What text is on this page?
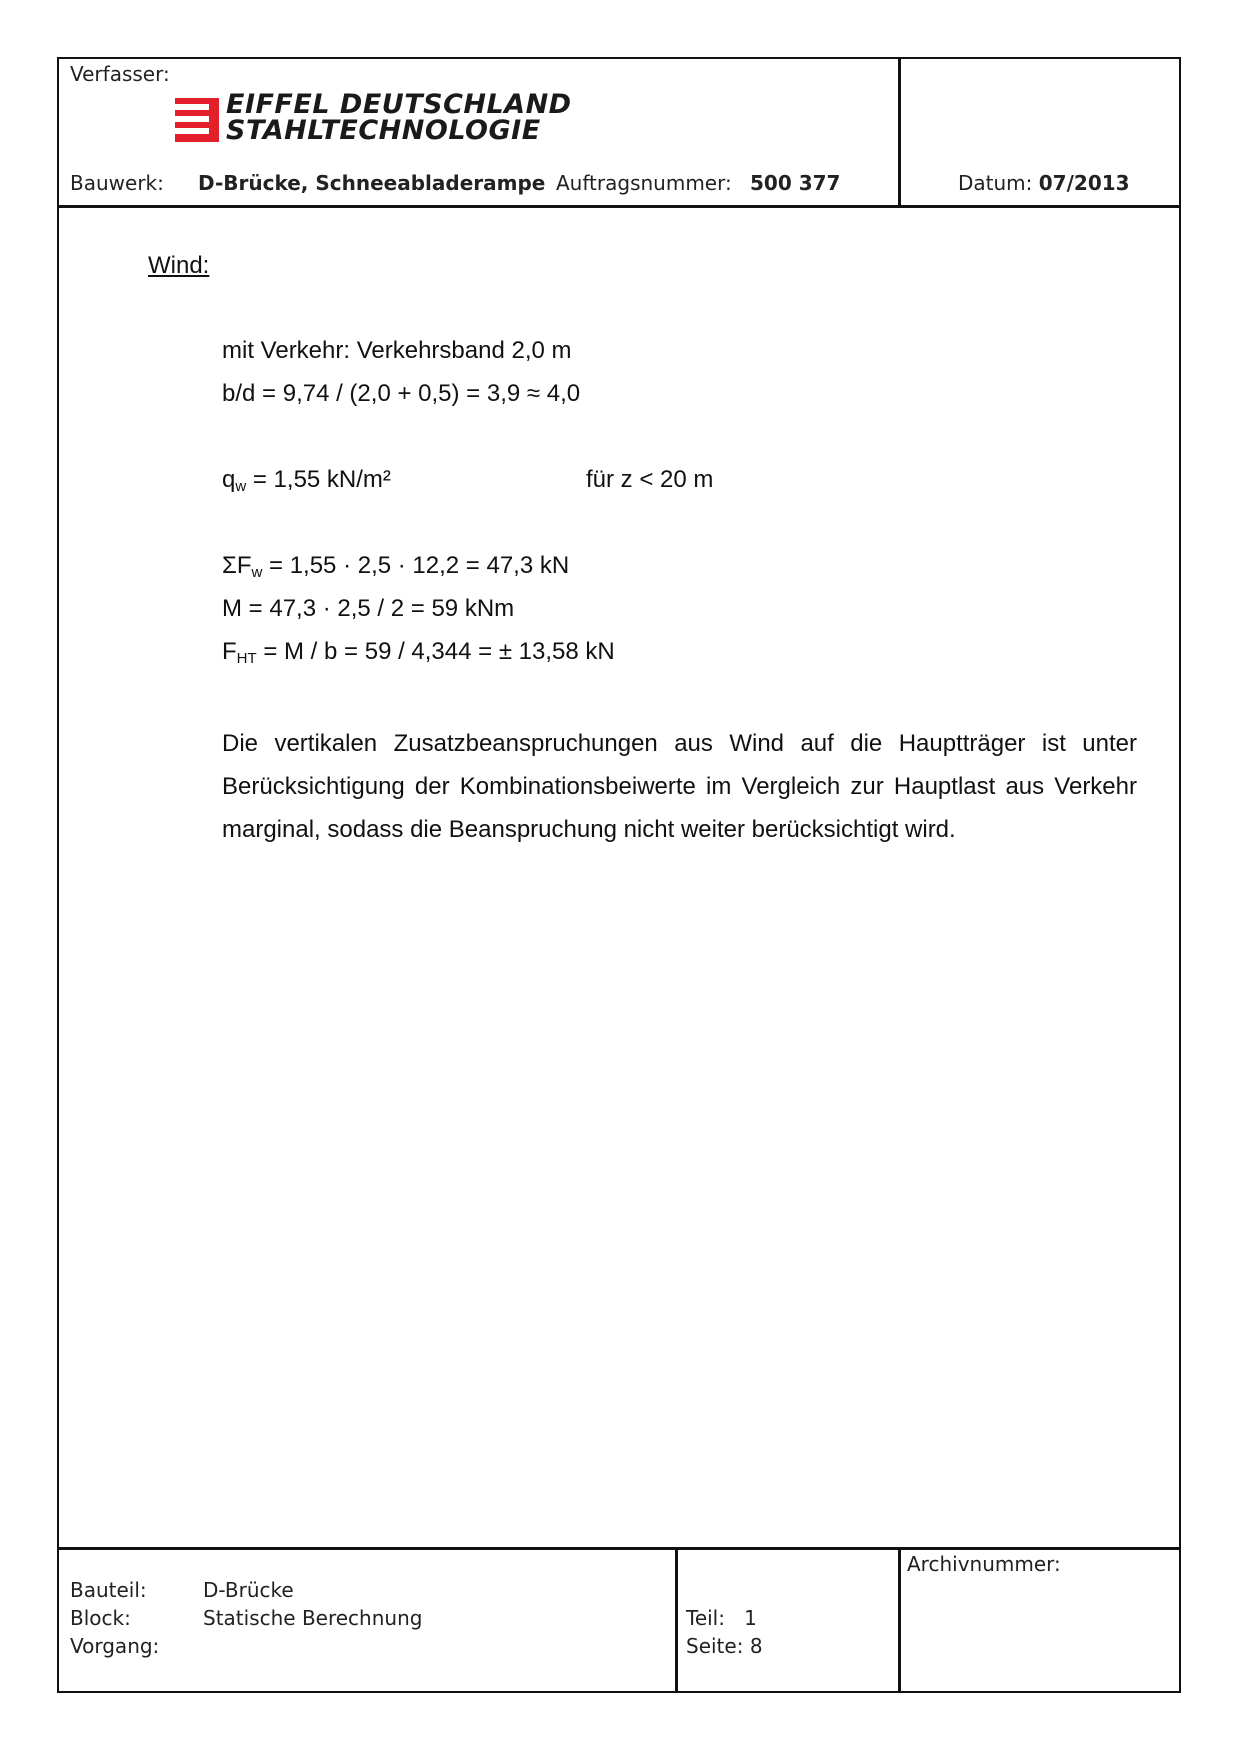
Verfasser:
EIFFEL DEUTSCHLAND
STAHLTECHNOLOGIE
Bauwerk: D-Brücke, Schneeabladerampe Auftragsnummer: 500 377	Datum: 07/2013
Wind:
mit Verkehr: Verkehrsband 2,0 m
b/d = 9,74 / (2,0 + 0,5) = 3,9 ≈ 4,0
$q_w = 1,55$ kN/m²	für z < 20 m
$\Sigma F_w = 1,55 \cdot 2,5 \cdot 12,2 = 47,3$ kN
M = 47,3 · 2,5 / 2 = 59 kNm
$F_{HT} = M / b = 59 / 4,344$ = ± 13,58 kN
Die vertikalen Zusatzbeanspruchungen aus Wind auf die Hauptträger ist unter Berücksichtigung der Kombinationsbeiwerte im Vergleich zur Hauptlast aus Verkehr marginal, sodass die Beanspruchung nicht weiter berücksichtigt wird.
Bauteil:	D-Brücke
Block:	Statische Berechnung
Vorgang:
Teil: 1
Seite: 8
Archivnummer:
